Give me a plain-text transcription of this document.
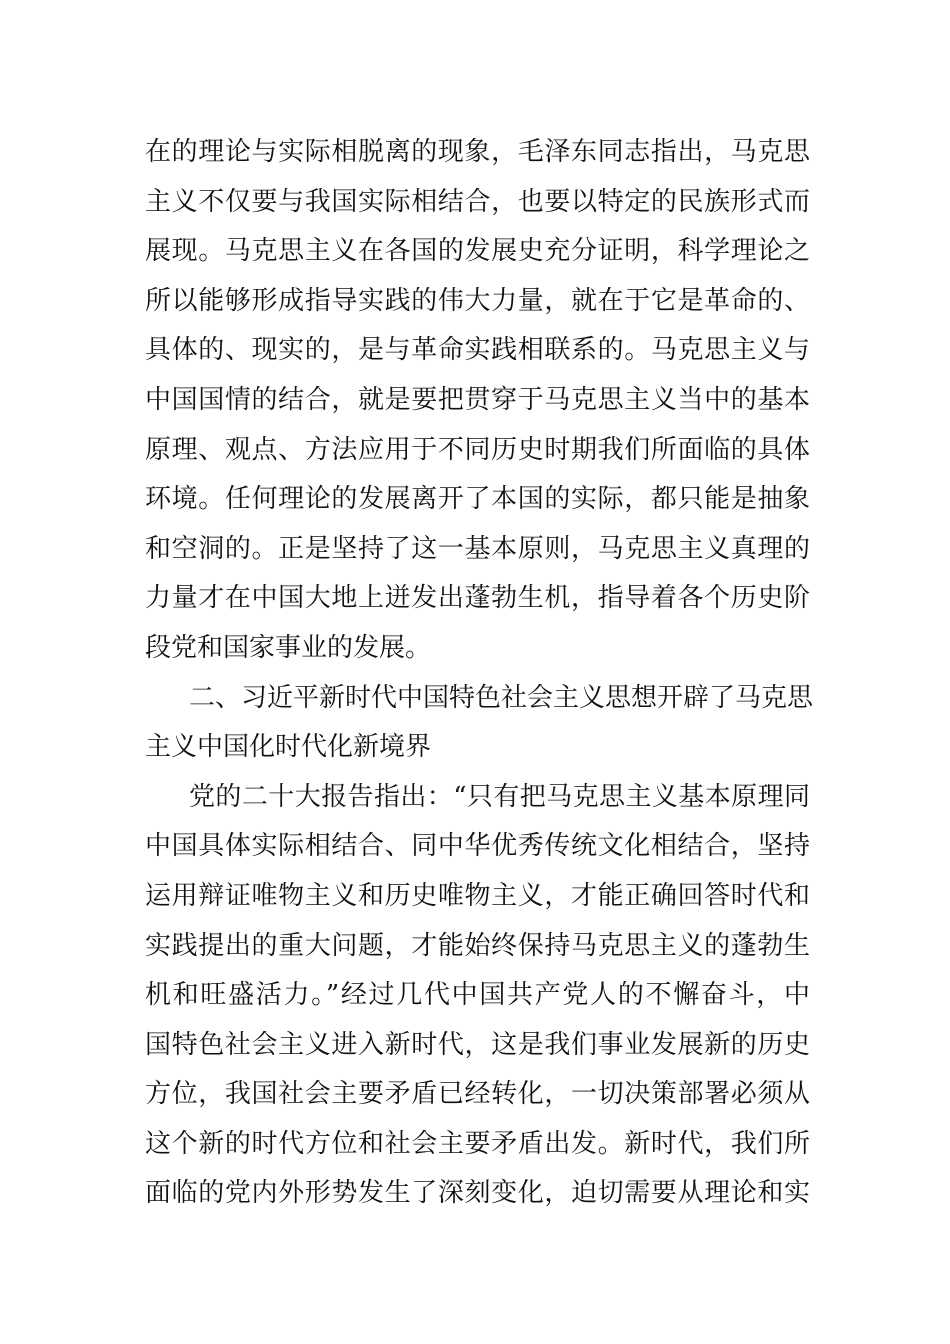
在的理论与实际相脱离的现象，毛泽东同志指出，马克思
主义不仅要与我国实际相结合，也要以特定的民族形式而
展现。马克思主义在各国的发展史充分证明，科学理论之
所以能够形成指导实践的伟大力量，就在于它是革命的、
具体的、现实的，是与革命实践相联系的。马克思主义与
中国国情的结合，就是要把贯穿于马克思主义当中的基本
原理、观点、方法应用于不同历史时期我们所面临的具体
环境。任何理论的发展离开了本国的实际，都只能是抽象
和空洞的。正是坚持了这一基本原则，马克思主义真理的
力量才在中国大地上迸发出蓬勃生机，指导着各个历史阶
段党和国家事业的发展。
二、习近平新时代中国特色社会主义思想开辟了马克思
主义中国化时代化新境界
党的二十大报告指出：“只有把马克思主义基本原理同
中国具体实际相结合、同中华优秀传统文化相结合，坚持
运用辩证唯物主义和历史唯物主义，才能正确回答时代和
实践提出的重大问题，才能始终保持马克思主义的蓬勃生
机和旺盛活力。”经过几代中国共产党人的不懈奋斗，中
国特色社会主义进入新时代，这是我们事业发展新的历史
方位，我国社会主要矛盾已经转化，一切决策部署必须从
这个新的时代方位和社会主要矛盾出发。新时代，我们所
面临的党内外形势发生了深刻变化，迫切需要从理论和实
